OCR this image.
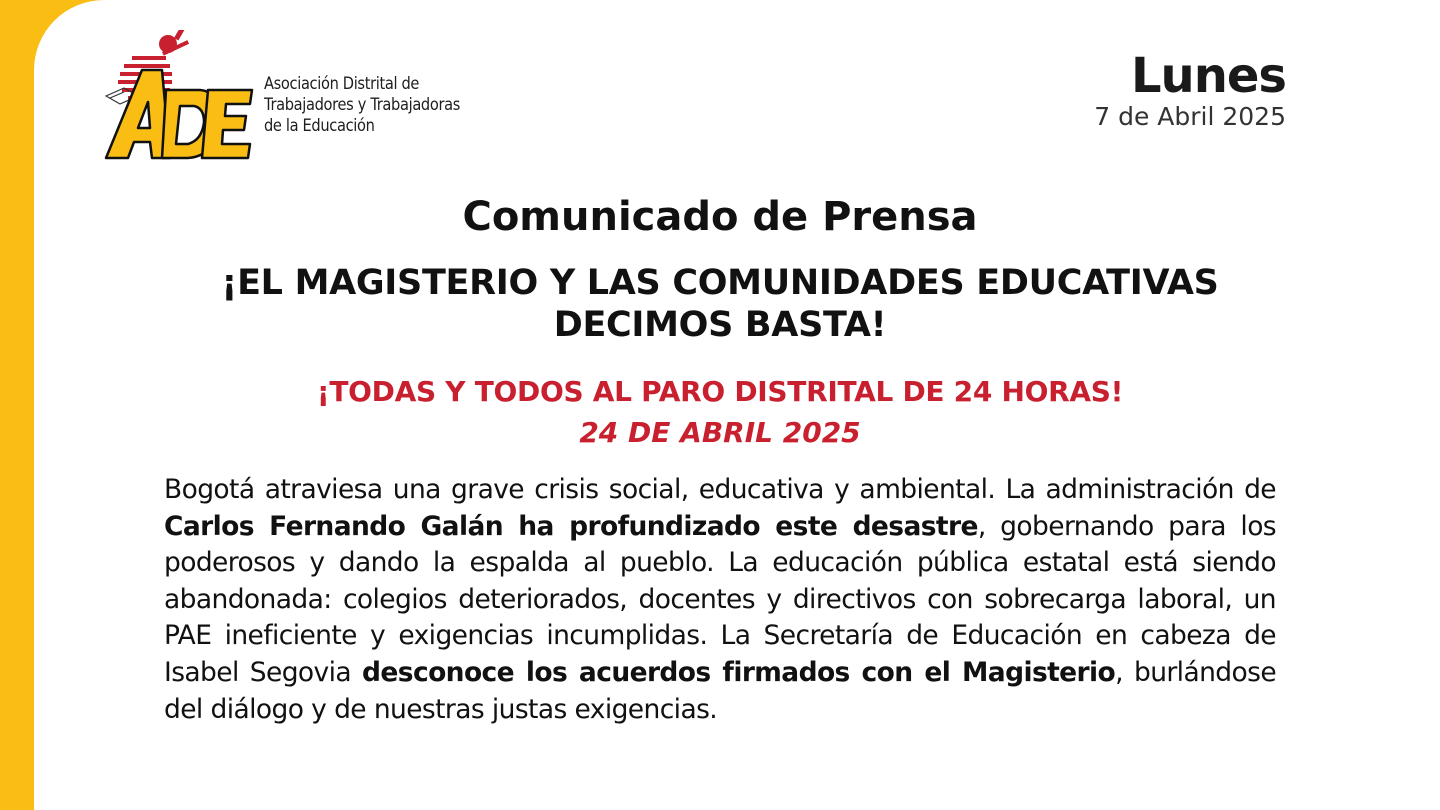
Asociación Distrital de
Trabajadores y Trabajadoras
de la Educación
Lunes
7 de Abril 2025
Comunicado de Prensa
¡EL MAGISTERIO Y LAS COMUNIDADES EDUCATIVAS
DECIMOS BASTA!
¡TODAS Y TODOS AL PARO DISTRITAL DE 24 HORAS!
24 DE ABRIL 2025
Bogotá atraviesa una grave crisis social, educativa y ambiental. La administración de Carlos Fernando Galán ha profundizado este desastre, gobernando para los poderosos y dando la espalda al pueblo. La educación pública estatal está siendo abandonada: colegios deteriorados, docentes y directivos con sobrecarga laboral, un PAE ineficiente y exigencias incumplidas. La Secretaría de Educación en cabeza de Isabel Segovia desconoce los acuerdos firmados con el Magisterio, burlándose del diálogo y de nuestras justas exigencias.
